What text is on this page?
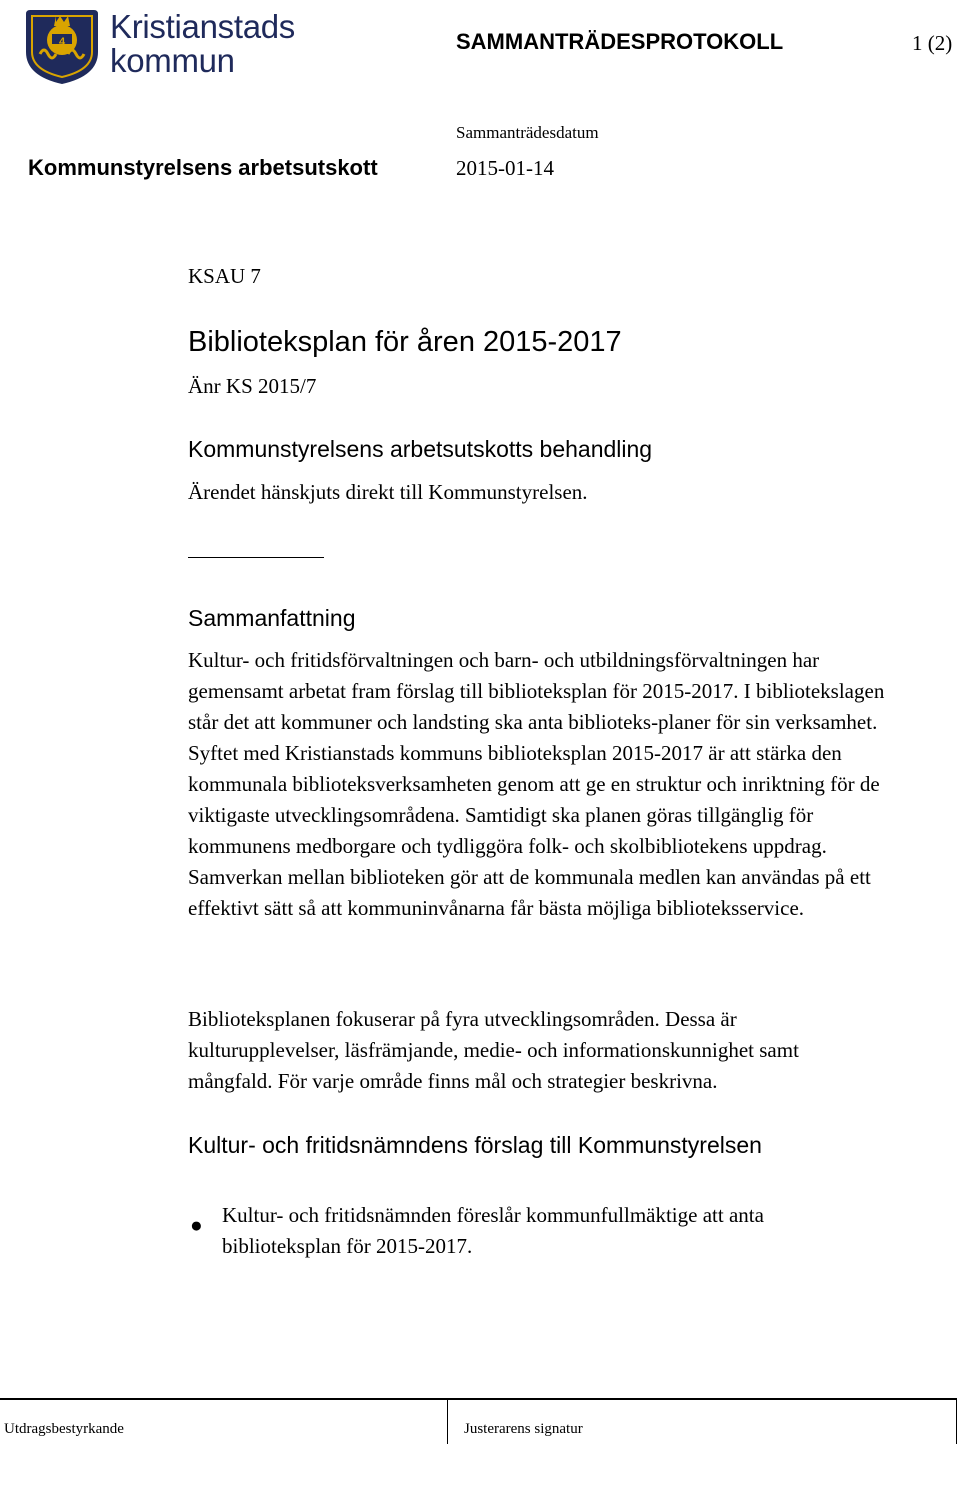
4 Kristianstads
kommun
SAMMANTRÄDESPROTOKOLL	1 (2)
Sammanträdesdatum
Kommunstyrelsens arbetsutskott	2015-01-14
KSAU 7
Biblioteksplan för åren 2015-2017
Änr KS 2015/7
Kommunstyrelsens arbetsutskotts behandling
Ärendet hänskjuts direkt till Kommunstyrelsen.
Sammanfattning
Kultur- och fritidsförvaltningen och barn- och utbildningsförvaltningen har gemensamt arbetat fram förslag till biblioteksplan för 2015-2017. I bibliotekslagen står det att kommuner och landsting ska anta biblioteks-planer för sin verksamhet. Syftet med Kristianstads kommuns biblioteksplan 2015-2017 är att stärka den kommunala biblioteksverksamheten genom att ge en struktur och inriktning för de viktigaste utvecklingsområdena. Samtidigt ska planen göras tillgänglig för kommunens medborgare och tydliggöra folk- och skolbibliotekens uppdrag. Samverkan mellan biblioteken gör att de kommunala medlen kan användas på ett effektivt sätt så att kommuninvånarna får bästa möjliga biblioteksservice.
Biblioteksplanen fokuserar på fyra utvecklingsområden. Dessa är kulturupplevelser, läsfrämjande, medie- och informationskunnighet samt mångfald. För varje område finns mål och strategier beskrivna.
Kultur- och fritidsnämndens förslag till Kommunstyrelsen
● Kultur- och fritidsnämnden föreslår kommunfullmäktige att anta biblioteksplan för 2015-2017.
Utdragsbestyrkande	Justerarens signatur
